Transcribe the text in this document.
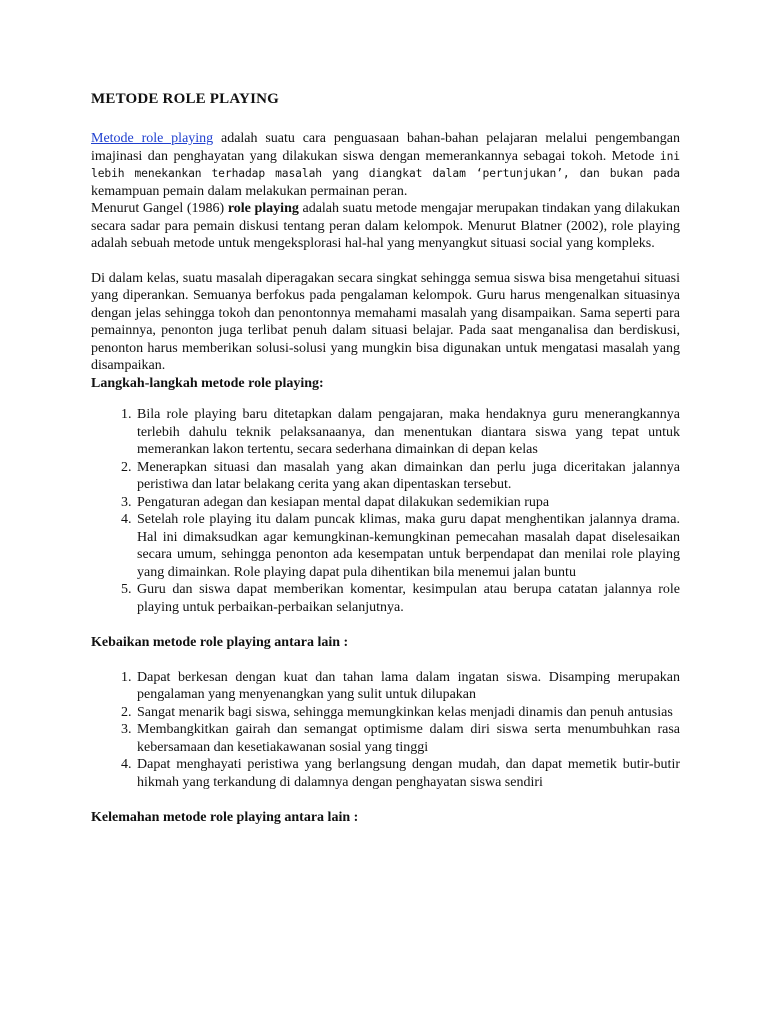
METODE ROLE PLAYING

Metode role playing adalah suatu cara penguasaan bahan-bahan pelajaran melalui pengembangan imajinasi dan penghayatan yang dilakukan siswa dengan memerankannya sebagai tokoh. Metode ini lebih menekankan terhadap masalah yang diangkat dalam ‘pertunjukan’, dan bukan pada kemampuan pemain dalam melakukan permainan peran.

Menurut Gangel (1986) role playing adalah suatu metode mengajar merupakan tindakan yang dilakukan secara sadar para pemain diskusi tentang peran dalam kelompok. Menurut Blatner (2002), role playing adalah sebuah metode untuk mengeksplorasi hal-hal yang menyangkut situasi social yang kompleks.

Di dalam kelas, suatu masalah diperagakan secara singkat sehingga semua siswa bisa mengetahui situasi yang diperankan. Semuanya berfokus pada pengalaman kelompok. Guru harus mengenalkan situasinya dengan jelas sehingga tokoh dan penontonnya memahami masalah yang disampaikan. Sama seperti para pemainnya, penonton juga terlibat penuh dalam situasi belajar. Pada saat menganalisa dan berdiskusi, penonton harus memberikan solusi-solusi yang mungkin bisa digunakan untuk mengatasi masalah yang disampaikan.

Langkah-langkah metode role playing:
1. Bila role playing baru ditetapkan dalam pengajaran, maka hendaknya guru menerangkannya terlebih dahulu teknik pelaksanaanya, dan menentukan diantara siswa yang tepat untuk memerankan lakon tertentu, secara sederhana dimainkan di depan kelas
2. Menerapkan situasi dan masalah yang akan dimainkan dan perlu juga diceritakan jalannya peristiwa dan latar belakang cerita yang akan dipentaskan tersebut.
3. Pengaturan adegan dan kesiapan mental dapat dilakukan sedemikian rupa
4. Setelah role playing itu dalam puncak klimas, maka guru dapat menghentikan jalannya drama. Hal ini dimaksudkan agar kemungkinan-kemungkinan pemecahan masalah dapat diselesaikan secara umum, sehingga penonton ada kesempatan untuk berpendapat dan menilai role playing yang dimainkan. Role playing dapat pula dihentikan bila menemui jalan buntu
5. Guru dan siswa dapat memberikan komentar, kesimpulan atau berupa catatan jalannya role playing untuk perbaikan-perbaikan selanjutnya.
Kebaikan metode role playing antara lain :
1. Dapat berkesan dengan kuat dan tahan lama dalam ingatan siswa. Disamping merupakan pengalaman yang menyenangkan yang sulit untuk dilupakan
2. Sangat menarik bagi siswa, sehingga memungkinkan kelas menjadi dinamis dan penuh antusias
3. Membangkitkan gairah dan semangat optimisme dalam diri siswa serta menumbuhkan rasa kebersamaan dan kesetiakawanan sosial yang tinggi
4. Dapat menghayati peristiwa yang berlangsung dengan mudah, dan dapat memetik butir-butir hikmah yang terkandung di dalamnya dengan penghayatan siswa sendiri
Kelemahan metode role playing antara lain :
